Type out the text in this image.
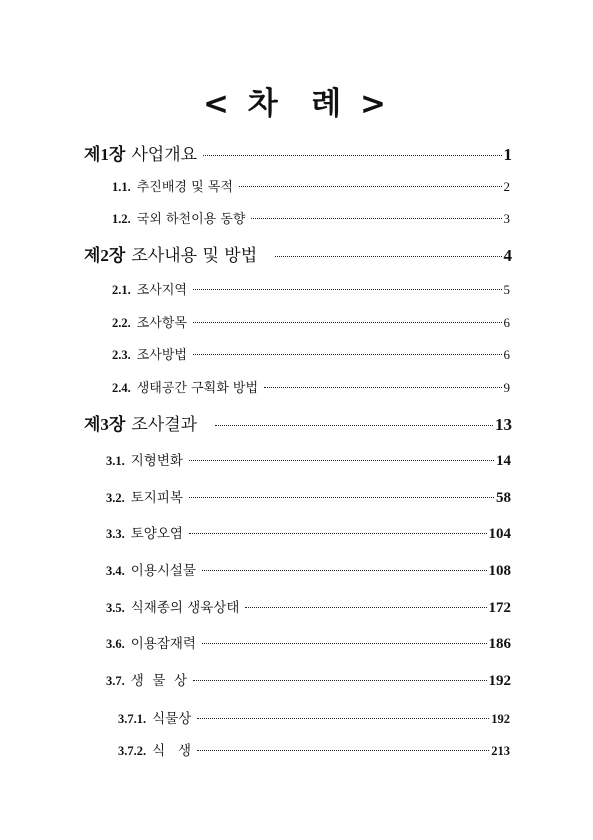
< 차  례 >
제1장 사업개요	1
1.1. 추진배경 및 목적	2
1.2. 국외 하천이용 동향	3
제2장 조사내용 및 방법	4
2.1. 조사지역	5
2.2. 조사항목	6
2.3. 조사방법	6
2.4. 생태공간 구획화 방법	9
제3장 조사결과	13
3.1. 지형변화	14
3.2. 토지피복	58
3.3. 토양오염	104
3.4. 이용시설물	108
3.5. 식재종의 생육상태	172
3.6. 이용잠재력	186
3.7. 생  물  상	192
3.7.1. 식물상	192
3.7.2. 식   생	213
